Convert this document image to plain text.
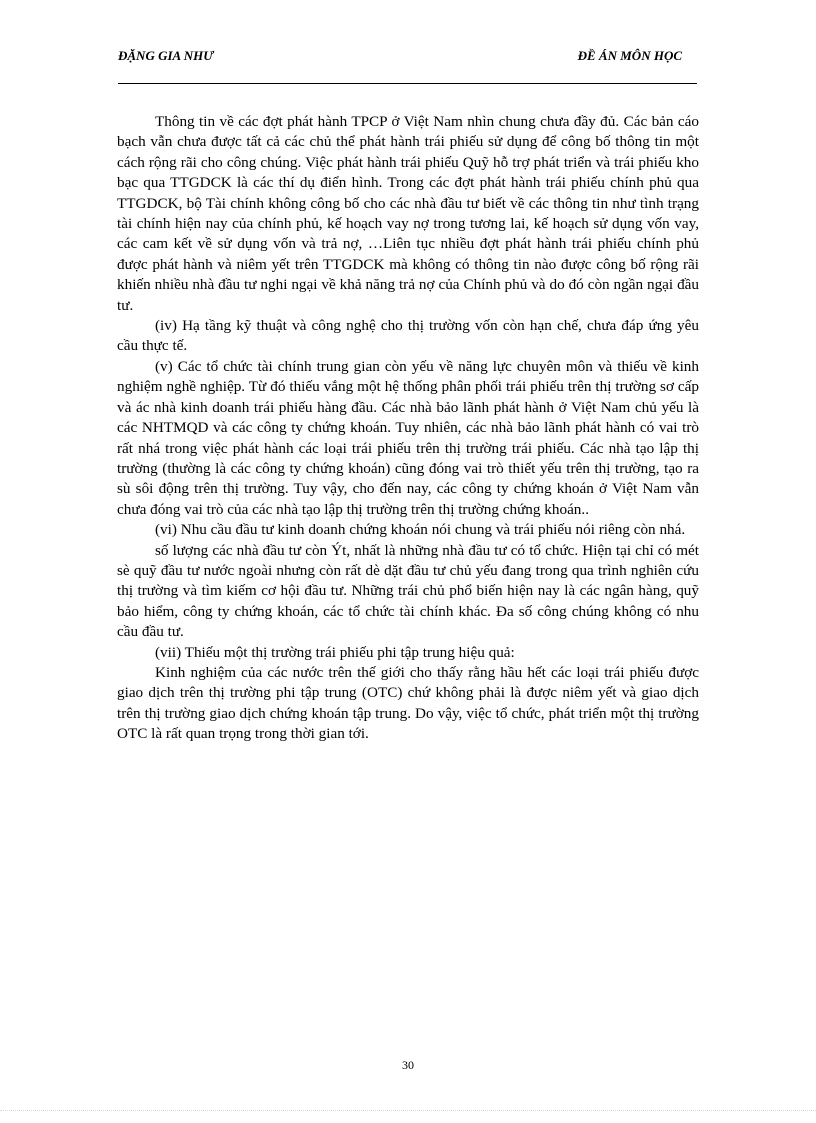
ĐẶNG GIA NHƯ	ĐỀ ÁN MÔN HỌC

Thông tin về các đợt phát hành TPCP ở Việt Nam nhìn chung chưa đầy đủ. Các bản cáo bạch vẫn chưa được tất cả các chủ thể phát hành trái phiếu sử dụng để công bố thông tin một cách rộng rãi cho công chúng. Việc phát hành trái phiếu Quỹ hỗ trợ phát triển và trái phiếu kho bạc qua TTGDCK là các thí dụ điển hình. Trong các đợt phát hành trái phiếu chính phủ qua TTGDCK, bộ Tài chính không công bố cho các nhà đầu tư biết về các thông tin như tình trạng tài chính hiện nay của chính phủ, kế hoạch vay nợ trong tương lai, kế hoạch sử dụng vốn vay, các cam kết về sử dụng vốn và trả nợ, …Liên tục nhiều đợt phát hành trái phiếu chính phủ được phát hành và niêm yết trên TTGDCK mà không có thông tin nào được công bố rộng rãi khiến nhiều nhà đầu tư nghi ngại về khả năng trả nợ của Chính phủ và do đó còn ngần ngại đầu tư.

(iv) Hạ tầng kỹ thuật và công nghệ cho thị trường vốn còn hạn chế, chưa đáp ứng yêu cầu thực tế.

(v) Các tổ chức tài chính trung gian còn yếu về năng lực chuyên môn và thiếu về kinh nghiệm nghề nghiệp. Từ đó thiếu vắng một hệ thống phân phối trái phiếu trên thị trường sơ cấp và ác nhà kinh doanh trái phiếu hàng đầu. Các nhà bảo lãnh phát hành ở Việt Nam chủ yếu là các NHTMQD và các công ty chứng khoán. Tuy nhiên, các nhà bảo lãnh phát hành có vai trò rất nhá trong việc phát hành các loại trái phiếu trên thị trường trái phiếu. Các nhà tạo lập thị trường (thường là các công ty chứng khoán) cũng đóng vai trò thiết yếu trên thị trường, tạo ra sù sôi động trên thị trường. Tuy vậy, cho đến nay, các công ty chứng khoán ở Việt Nam vẫn chưa đóng vai trò của các nhà tạo lập thị trường trên thị trường chứng khoán..

(vi) Nhu cầu đầu tư kinh doanh chứng khoán nói chung và trái phiếu nói riêng còn nhá.

số lượng các nhà đầu tư còn Ýt, nhất là những nhà đầu tư có tổ chức. Hiện tại chỉ có mét sè quỹ đầu tư nước ngoài nhưng còn rất dè dặt đầu tư chủ yếu đang trong qua trình nghiên cứu thị trường và tìm kiếm cơ hội đầu tư. Những trái chủ phổ biến hiện nay là các ngân hàng, quỹ bảo hiểm, công ty chứng khoán, các tổ chức tài chính khác. Đa số công chúng không có nhu cầu đầu tư.

(vii) Thiếu một thị trường trái phiếu phi tập trung hiệu quả:

Kinh nghiệm của các nước trên thế giới cho thấy rằng hầu hết các loại trái phiếu được giao dịch trên thị trường phi tập trung (OTC) chứ không phải là được niêm yết và giao dịch trên thị trường giao dịch chứng khoán tập trung. Do vậy, việc tổ chức, phát triển một thị trường OTC là rất quan trọng trong thời gian tới.

30
